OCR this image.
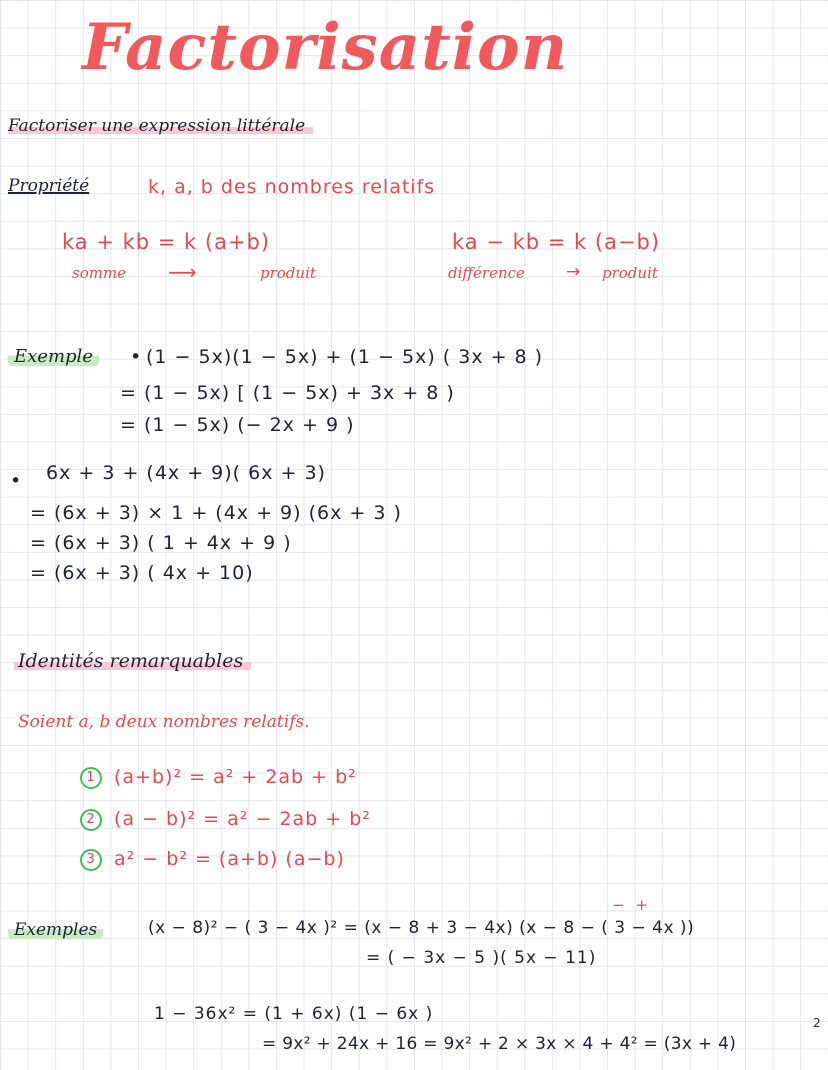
Factorisation
Factoriser une expression littérale
Propriété	k, a, b des nombres relatifs
ka + kb = k (a+b)
somme ⟶	produit
ka − kb = k (a−b)
différence → produit
Exemple	• (1 − 5x)(1 − 5x) + (1 − 5x) ( 3x + 8 )
= (1 − 5x) [ (1 − 5x) + 3x + 8 )
= (1 − 5x) (− 2x + 9 )
• 6x + 3 + (4x + 9)( 6x + 3)
= (6x + 3) × 1 + (4x + 9) (6x + 3 )
= (6x + 3) ( 1 + 4x + 9 )
= (6x + 3) ( 4x + 10)
Identités remarquables
Soient a, b deux nombres relatifs.
1 (a+b)² = a² + 2ab + b²
2 (a − b)² = a² − 2ab + b²
3 a² − b² = (a+b) (a−b)
Exemples
− +
(x − 8)² − ( 3 − 4x )² = (x − 8 + 3 − 4x) (x − 8 − ( 3 − 4x ))
= ( − 3x − 5 )( 5x − 11)
1 − 36x² = (1 + 6x) (1 − 6x )
= 9x² + 24x + 16 = 9x² + 2 × 3x × 4 + 4² = (3x + 4)
2
